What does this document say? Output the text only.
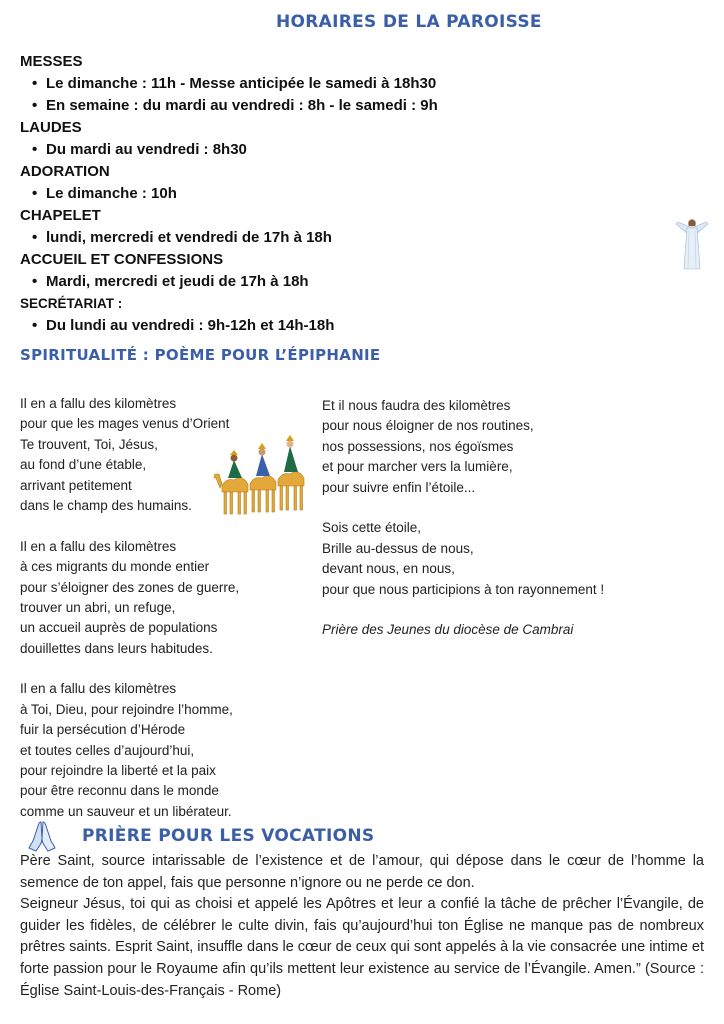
HORAIRES DE LA PAROISSE
MESSES
• Le dimanche : 11h - Messe anticipée le samedi à 18h30
• En semaine : du mardi au vendredi : 8h - le samedi : 9h
LAUDES
• Du mardi au vendredi : 8h30
ADORATION
• Le dimanche : 10h
CHAPELET
• lundi, mercredi et vendredi de 17h à 18h
ACCUEIL ET CONFESSIONS
• Mardi, mercredi et jeudi de 17h à 18h
SECRÉTARIAT :
• Du lundi au vendredi : 9h-12h et 14h-18h
SPIRITUALITÉ : POÈME POUR L’ÉPIPHANIE
Il en a fallu des kilomètres
pour que les mages venus d’Orient
Te trouvent, Toi, Jésus,
au fond d’une étable,
arrivant petitement
dans le champ des humains.
Il en a fallu des kilomètres
à ces migrants du monde entier
pour s’éloigner des zones de guerre,
trouver un abri, un refuge,
un accueil auprès de populations
douillettes dans leurs habitudes.
Il en a fallu des kilomètres
à Toi, Dieu, pour rejoindre l’homme,
fuir la persécution d’Hérode
et toutes celles d’aujourd’hui,
pour rejoindre la liberté et la paix
pour être reconnu dans le monde
comme un sauveur et un libérateur.
Et il nous faudra des kilomètres
pour nous éloigner de nos routines,
nos possessions, nos égoïsmes
et pour marcher vers la lumière,
pour suivre enfin l’étoile...
Sois cette étoile,
Brille au-dessus de nous,
devant nous, en nous,
pour que nous participions à ton rayonnement !
Prière des Jeunes du diocèse de Cambrai
PRIÈRE POUR LES VOCATIONS

Père Saint, source intarissable de l’existence et de l’amour, qui dépose dans le cœur de l’homme la semence de ton appel, fais que personne n’ignore ou ne perde ce don.

Seigneur Jésus, toi qui as choisi et appelé les Apôtres et leur a confié la tâche de prêcher l’Évangile, de guider les fidèles, de célébrer le culte divin, fais qu’aujourd’hui ton Église ne manque pas de nombreux prêtres saints. Esprit Saint, insuffle dans le cœur de ceux qui sont appelés à la vie consacrée une intime et forte passion pour le Royaume afin qu’ils mettent leur existence au service de l’Évangile. Amen.” (Source : Église Saint-Louis-des-Français - Rome)
